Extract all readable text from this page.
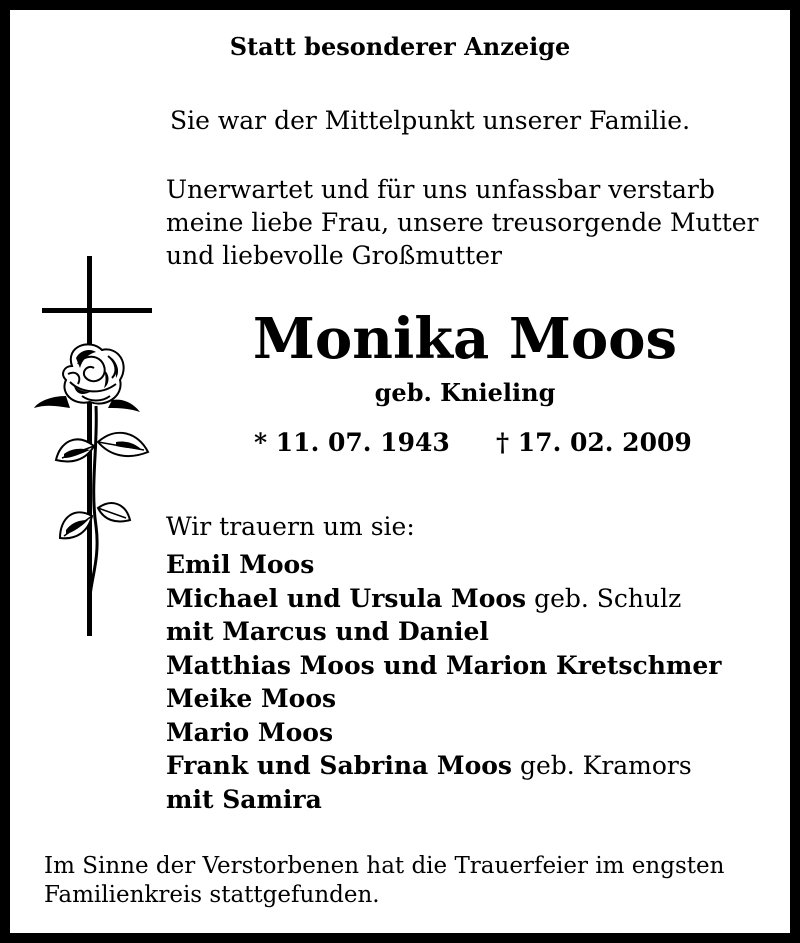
Statt besonderer Anzeige
Sie war der Mittelpunkt unserer Familie.
Unerwartet und für uns unfassbar verstarb
meine liebe Frau, unsere treusorgende Mutter
und liebevolle Großmutter
Monika Moos
geb. Knieling
* 11. 07. 1943 † 17. 02. 2009
Wir trauern um sie:
Emil Moos
Michael und Ursula Moos geb. Schulz
mit Marcus und Daniel
Matthias Moos und Marion Kretschmer
Meike Moos
Mario Moos
Frank und Sabrina Moos geb. Kramors
mit Samira
Im Sinne der Verstorbenen hat die Trauerfeier im engsten
Familienkreis stattgefunden.
